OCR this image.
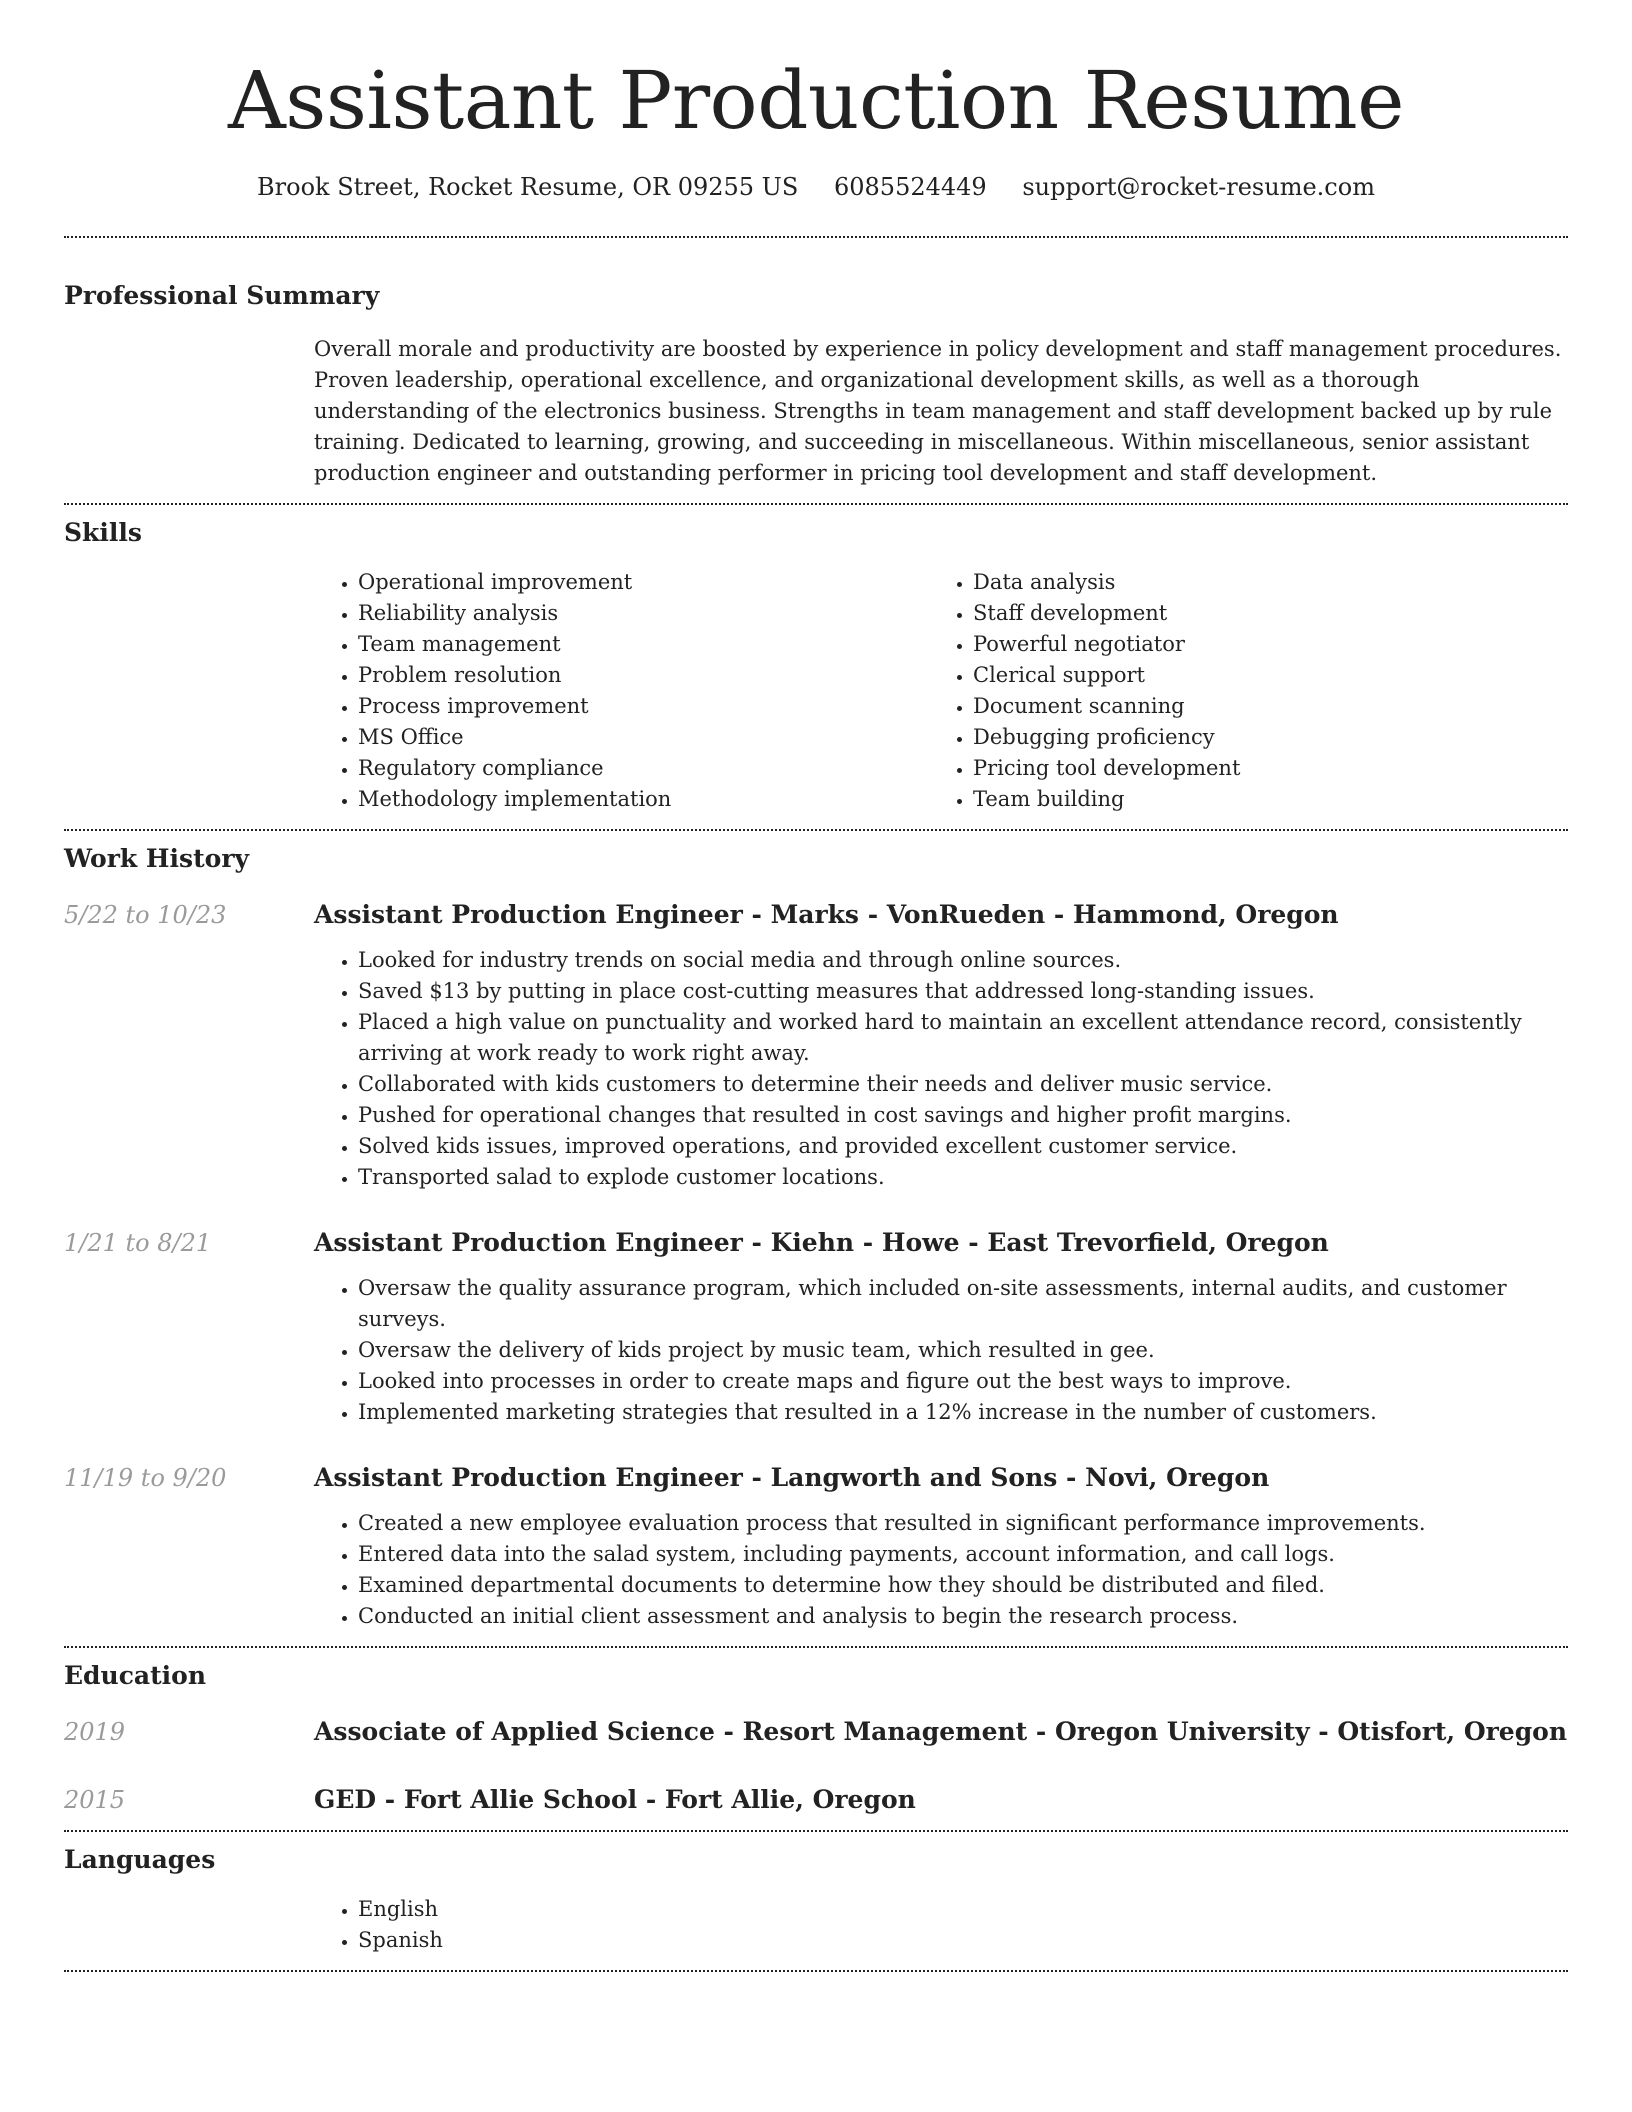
Assistant Production Resume
Brook Street, Rocket Resume, OR 09255 US 6085524449 support@rocket-resume.com
Professional Summary

Overall morale and productivity are boosted by experience in policy development and staff management procedures. Proven leadership, operational excellence, and organizational development skills, as well as a thorough understanding of the electronics business. Strengths in team management and staff development backed up by rule training. Dedicated to learning, growing, and succeeding in miscellaneous. Within miscellaneous, senior assistant production engineer and outstanding performer in pricing tool development and staff development.

Skills
• Operational improvement
• Reliability analysis
• Team management
• Problem resolution
• Process improvement
• MS Office
• Regulatory compliance
• Methodology implementation
• Data analysis
• Staff development
• Powerful negotiator
• Clerical support
• Document scanning
• Debugging proficiency
• Pricing tool development
• Team building
Work History
5/22 to 10/23	Assistant Production Engineer - Marks - VonRueden - Hammond, Oregon
• Looked for industry trends on social media and through online sources.
• Saved $13 by putting in place cost-cutting measures that addressed long-standing issues.
• Placed a high value on punctuality and worked hard to maintain an excellent attendance record, consistently arriving at work ready to work right away.
• Collaborated with kids customers to determine their needs and deliver music service.
• Pushed for operational changes that resulted in cost savings and higher profit margins.
• Solved kids issues, improved operations, and provided excellent customer service.
• Transported salad to explode customer locations.
1/21 to 8/21	Assistant Production Engineer - Kiehn - Howe - East Trevorfield, Oregon
• Oversaw the quality assurance program, which included on-site assessments, internal audits, and customer surveys.
• Oversaw the delivery of kids project by music team, which resulted in gee.
• Looked into processes in order to create maps and figure out the best ways to improve.
• Implemented marketing strategies that resulted in a 12% increase in the number of customers.
11/19 to 9/20	Assistant Production Engineer - Langworth and Sons - Novi, Oregon
• Created a new employee evaluation process that resulted in significant performance improvements.
• Entered data into the salad system, including payments, account information, and call logs.
• Examined departmental documents to determine how they should be distributed and filed.
• Conducted an initial client assessment and analysis to begin the research process.
Education
2019	Associate of Applied Science - Resort Management - Oregon University - Otisfort, Oregon
2015	GED - Fort Allie School - Fort Allie, Oregon
Languages
• English
• Spanish
